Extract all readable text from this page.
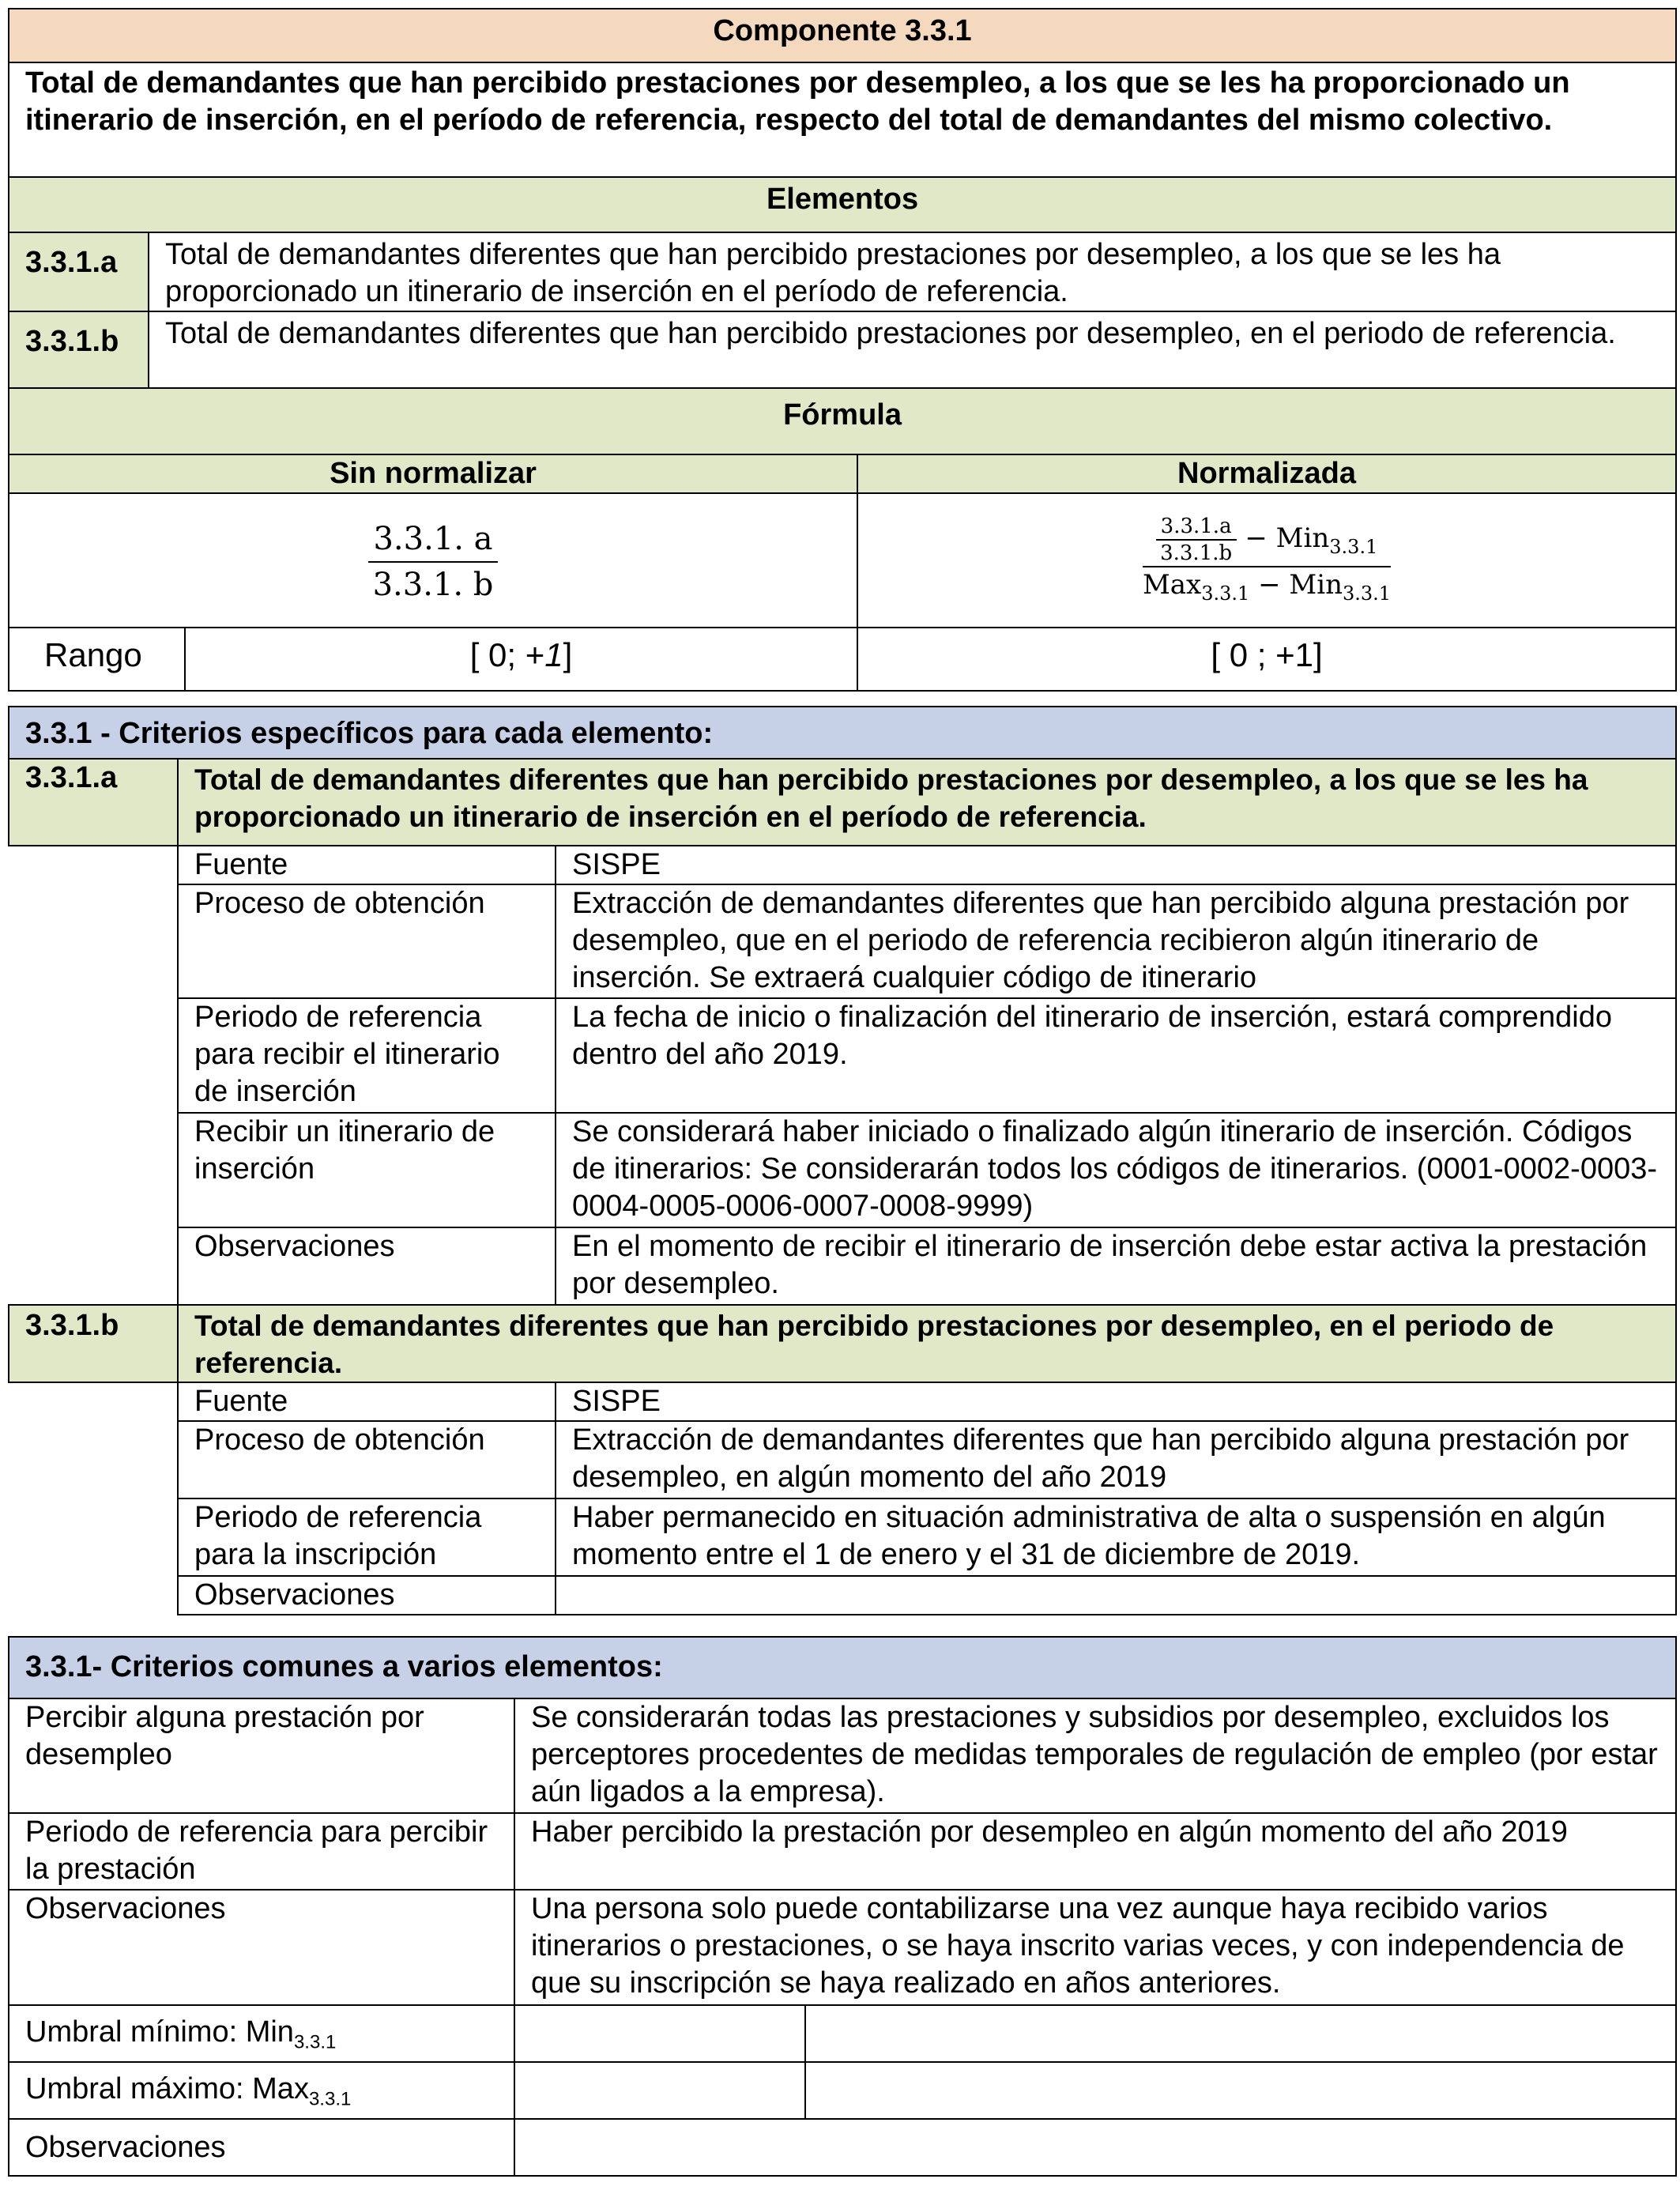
Componente 3.3.1			
Total de demandantes que han percibido prestaciones por desempleo, a los que se les ha proporcionado un itinerario de inserción, en el período de referencia, respecto del total de demandantes del mismo colectivo.			
Elementos			
3.3.1.a	Total de demandantes diferentes que han percibido prestaciones por desempleo, a los que se les ha proporcionado un itinerario de inserción en el período de referencia.		
3.3.1.b	Total de demandantes diferentes que han percibido prestaciones por desempleo, en el periodo de referencia.		
Fórmula			
Sin normalizar			Normalizada

$\frac{3.3.1. a}{3.3.1. b}$			$\frac{\frac{3.3.1.a}{3.3.1.b} - Min_{3.3.1}}{Max_{3.3.1} - Min_{3.3.1}}$

Rango		[ 0; +1]	[ 0 ; +1]
3.3.1 - Criterios específicos para cada elemento:		
3.3.1.a	Total de demandantes diferentes que han percibido prestaciones por desempleo, a los que se les ha proporcionado un itinerario de inserción en el período de referencia.	
	Fuente	SISPE
	Proceso de obtención	Extracción de demandantes diferentes que han percibido alguna prestación por desempleo, que en el periodo de referencia recibieron algún itinerario de inserción. Se extraerá cualquier código de itinerario
	Periodo de referencia para recibir el itinerario de inserción	La fecha de inicio o finalización del itinerario de inserción, estará comprendido dentro del año 2019.
	Recibir un itinerario de inserción	Se considerará haber iniciado o finalizado algún itinerario de inserción. Códigos de itinerarios: Se considerarán todos los códigos de itinerarios. (0001-0002-0003-0004-0005-0006-0007-0008-9999)
	Observaciones	En el momento de recibir el itinerario de inserción debe estar activa la prestación por desempleo.
3.3.1.b	Total de demandantes diferentes que han percibido prestaciones por desempleo, en el periodo de referencia.	
	Fuente	SISPE
	Proceso de obtención	Extracción de demandantes diferentes que han percibido alguna prestación por desempleo, en algún momento del año 2019
	Periodo de referencia para la inscripción	Haber permanecido en situación administrativa de alta o suspensión en algún momento entre el 1 de enero y el 31 de diciembre de 2019.
	Observaciones	
3.3.1- Criterios comunes a varios elementos:		
Percibir alguna prestación por desempleo	Se considerarán todas las prestaciones y subsidios por desempleo, excluidos los perceptores procedentes de medidas temporales de regulación de empleo (por estar aún ligados a la empresa).	
Periodo de referencia para percibir la prestación	Haber percibido la prestación por desempleo en algún momento del año 2019	
Observaciones	Una persona solo puede contabilizarse una vez aunque haya recibido varios itinerarios o prestaciones, o se haya inscrito varias veces, y con independencia de que su inscripción se haya realizado en años anteriores.	
Umbral mínimo: Min$_{3.3.1}$		
Umbral máximo: Max$_{3.3.1}$		
Observaciones		
